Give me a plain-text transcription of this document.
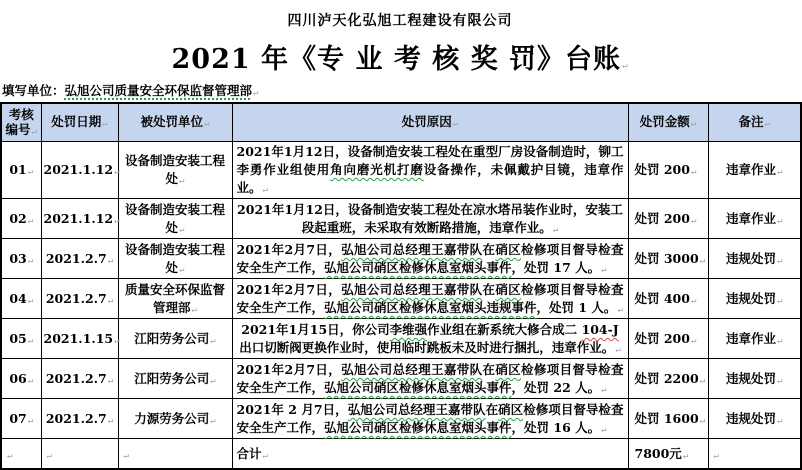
四川泸天化弘旭工程建设有限公司
2021 年《专 业 考 核 奖 罚》台账↵
填写单位：弘旭公司质量安全环保监督管理部↵
考核编号↵	处罚日期↵	被处罚单位↵	处罚原因↵	处罚金额↵	备注↵
01↵	2021.1.12↵	设备制造安装工程处↵	2021年1月12日，设备制造安装工程处在重型厂房设备制造时，铆工李勇作业组使用角向磨光机打磨设备操作，未佩戴护目镜，违章作业。↵	处罚 200↵	违章作业↵
02↵	2021.1.12↵	设备制造安装工程处↵	2021年1月12日，设备制造安装工程处在凉水塔吊装作业时，安装工段起重班，未采取有效断路措施，违章作业。↵	处罚 200↵	违章作业↵
03↵	2021.2.7↵	设备制造安装工程处↵	2021年2月7日，弘旭公司总经理王嘉带队在硝区检修项目督导检查安全生产工作，弘旭公司硝区检修休息室烟头事件，处罚 17 人。↵	处罚 3000↵	违规处罚↵
04↵	2021.2.7↵	质量安全环保监督管理部↵	2021年2月7日，弘旭公司总经理王嘉带队在硝区检修项目督导检查安全生产工作，弘旭公司硝区检修休息室烟头违规事件，处罚 1 人。↵	处罚 400↵	违规处罚↵
05↵	2021.1.15↵	江阳劳务公司↵	2021年1月15日，你公司李维强作业组在新系统大修合成二 104-J 出口切断阀更换作业时，使用临时跳板未及时进行捆扎，违章作业。↵	处罚 200↵	违章作业↵
06↵	2021.2.7↵	江阳劳务公司↵	2021年2月7日，弘旭公司总经理王嘉带队在硝区检修项目督导检查安全生产工作，弘旭公司硝区检修休息室烟头事件，处罚 22 人。↵	处罚 2200↵	违规处罚↵
07↵	2021.2.7↵	力源劳务公司↵	2021年 2 月7日，弘旭公司总经理王嘉带队在硝区检修项目督导检查安全生产工作，弘旭公司硝区检修休息室烟头事件，处罚 16 人。↵	处罚 1600↵	违规处罚↵
↵	↵	↵	合计↵	7800元↵	↵
